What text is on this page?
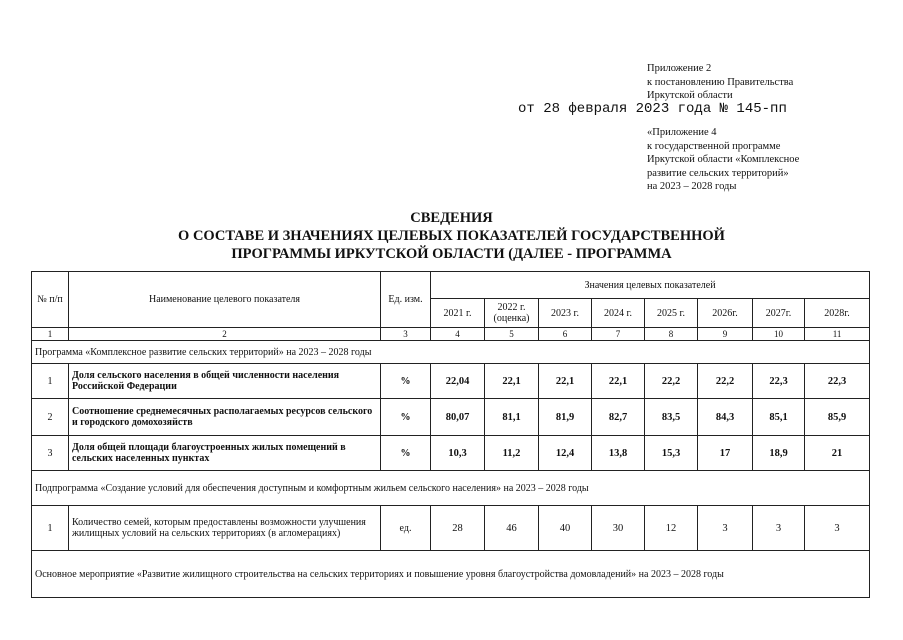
Приложение 2
к постановлению Правительства
Иркутской области
от 28 февраля 2023 года № 145-пп
«Приложение 4
к государственной программе
Иркутской области «Комплексное
развитие сельских территорий»
на 2023 – 2028 годы
СВЕДЕНИЯ
О СОСТАВЕ И ЗНАЧЕНИЯХ ЦЕЛЕВЫХ ПОКАЗАТЕЛЕЙ ГОСУДАРСТВЕННОЙ
ПРОГРАММЫ ИРКУТСКОЙ ОБЛАСТИ (ДАЛЕЕ - ПРОГРАММА
№ п/п	Наименование целевого показателя	Ед. изм.	Значения целевых показателей							
			2021 г.	2022 г. (оценка)	2023 г.	2024 г.	2025 г.	2026г.	2027г.	2028г.
1	2	3	4	5	6	7	8	9	10	11
Программа «Комплексное развитие сельских территорий» на 2023 – 2028 годы										
1	Доля сельского населения в общей численности населения Российской Федерации	%	22,04	22,1	22,1	22,1	22,2	22,2	22,3	22,3
2	Соотношение среднемесячных располагаемых ресурсов сельского и городского домохозяйств	%	80,07	81,1	81,9	82,7	83,5	84,3	85,1	85,9
3	Доля общей площади благоустроенных жилых помещений в сельских населенных пунктах	%	10,3	11,2	12,4	13,8	15,3	17	18,9	21
Подпрограмма «Создание условий для обеспечения доступным и комфортным жильем сельского населения» на 2023 – 2028 годы										
1	Количество семей, которым предоставлены возможности улучшения жилищных условий на сельских территориях (в агломерациях)	ед.	28	46	40	30	12	3	3	3
Основное мероприятие «Развитие жилищного строительства на сельских территориях и повышение уровня благоустройства домовладений» на 2023 – 2028 годы										
